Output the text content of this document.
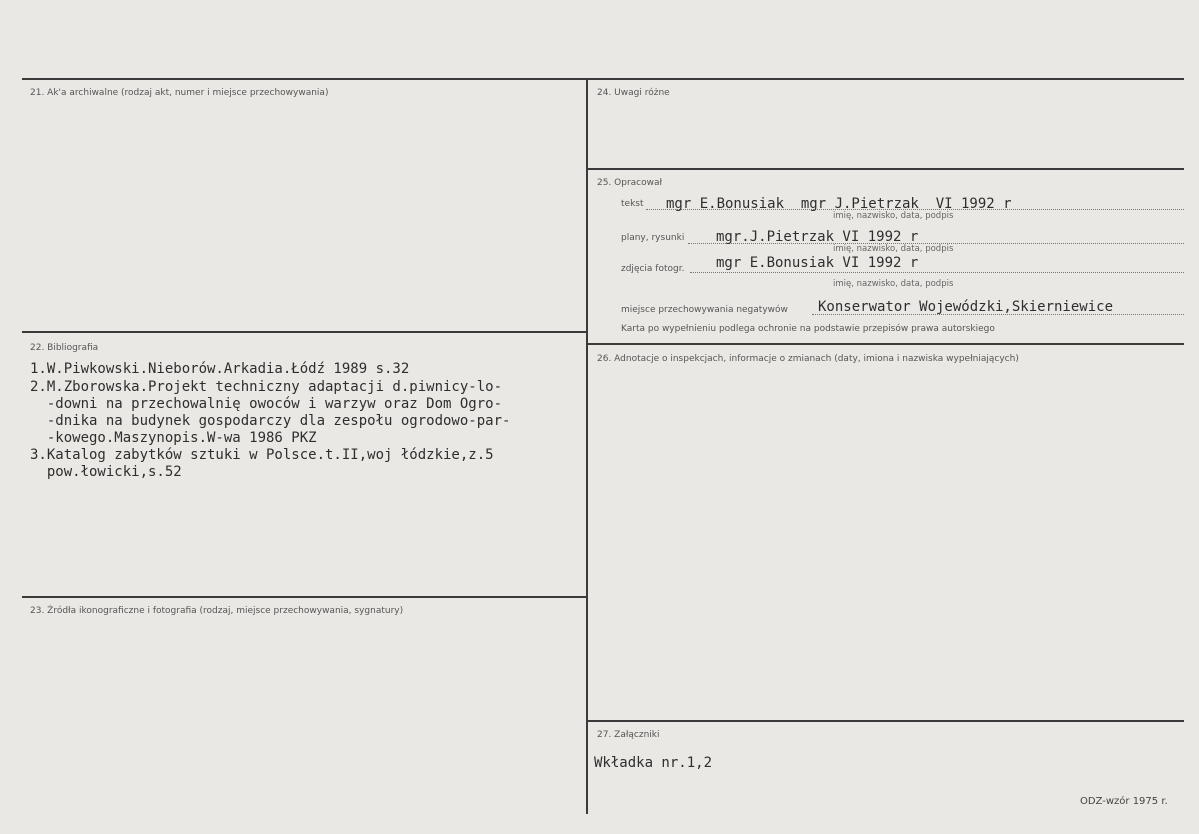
21. Ak'a archiwalne (rodzaj akt, numer i miejsce przechowywania)
22. Bibliografia
1.W.Piwkowski.Nieborów.Arkadia.Łódź 1989 s.32
2.M.Zborowska.Projekt techniczny adaptacji d.piwnicy-lo-
-downi na przechowalnię owoców i warzyw oraz Dom Ogro-
-dnika na budynek gospodarczy dla zespołu ogrodowo-par-
-kowego.Maszynopis.W-wa 1986 PKZ
3.Katalog zabytków sztuki w Polsce.t.II,woj łódzkie,z.5
pow.łowicki,s.52
23. Źródła ikonograficzne i fotografia (rodzaj, miejsce przechowywania, sygnatury)
24. Uwagi różne
25. Opracował
tekst mgr E.Bonusiak  mgr J.Pietrzak  VI 1992 r
imię, nazwisko, data, podpis
plany, rysunki mgr.J.Pietrzak VI 1992 r
imię, nazwisko, data, podpis
zdjęcia fotogr. mgr E.Bonusiak VI 1992 r
imię, nazwisko, data, podpis
miejsce przechowywania negatywów Konserwator Wojewódzki,Skierniewice
Karta po wypełnieniu podlega ochronie na podstawie przepisów prawa autorskiego
26. Adnotacje o inspekcjach, informacje o zmianach (daty, imiona i nazwiska wypełniających)
27. Załączniki
Wkładka nr.1,2
ODZ-wzór 1975 r.
